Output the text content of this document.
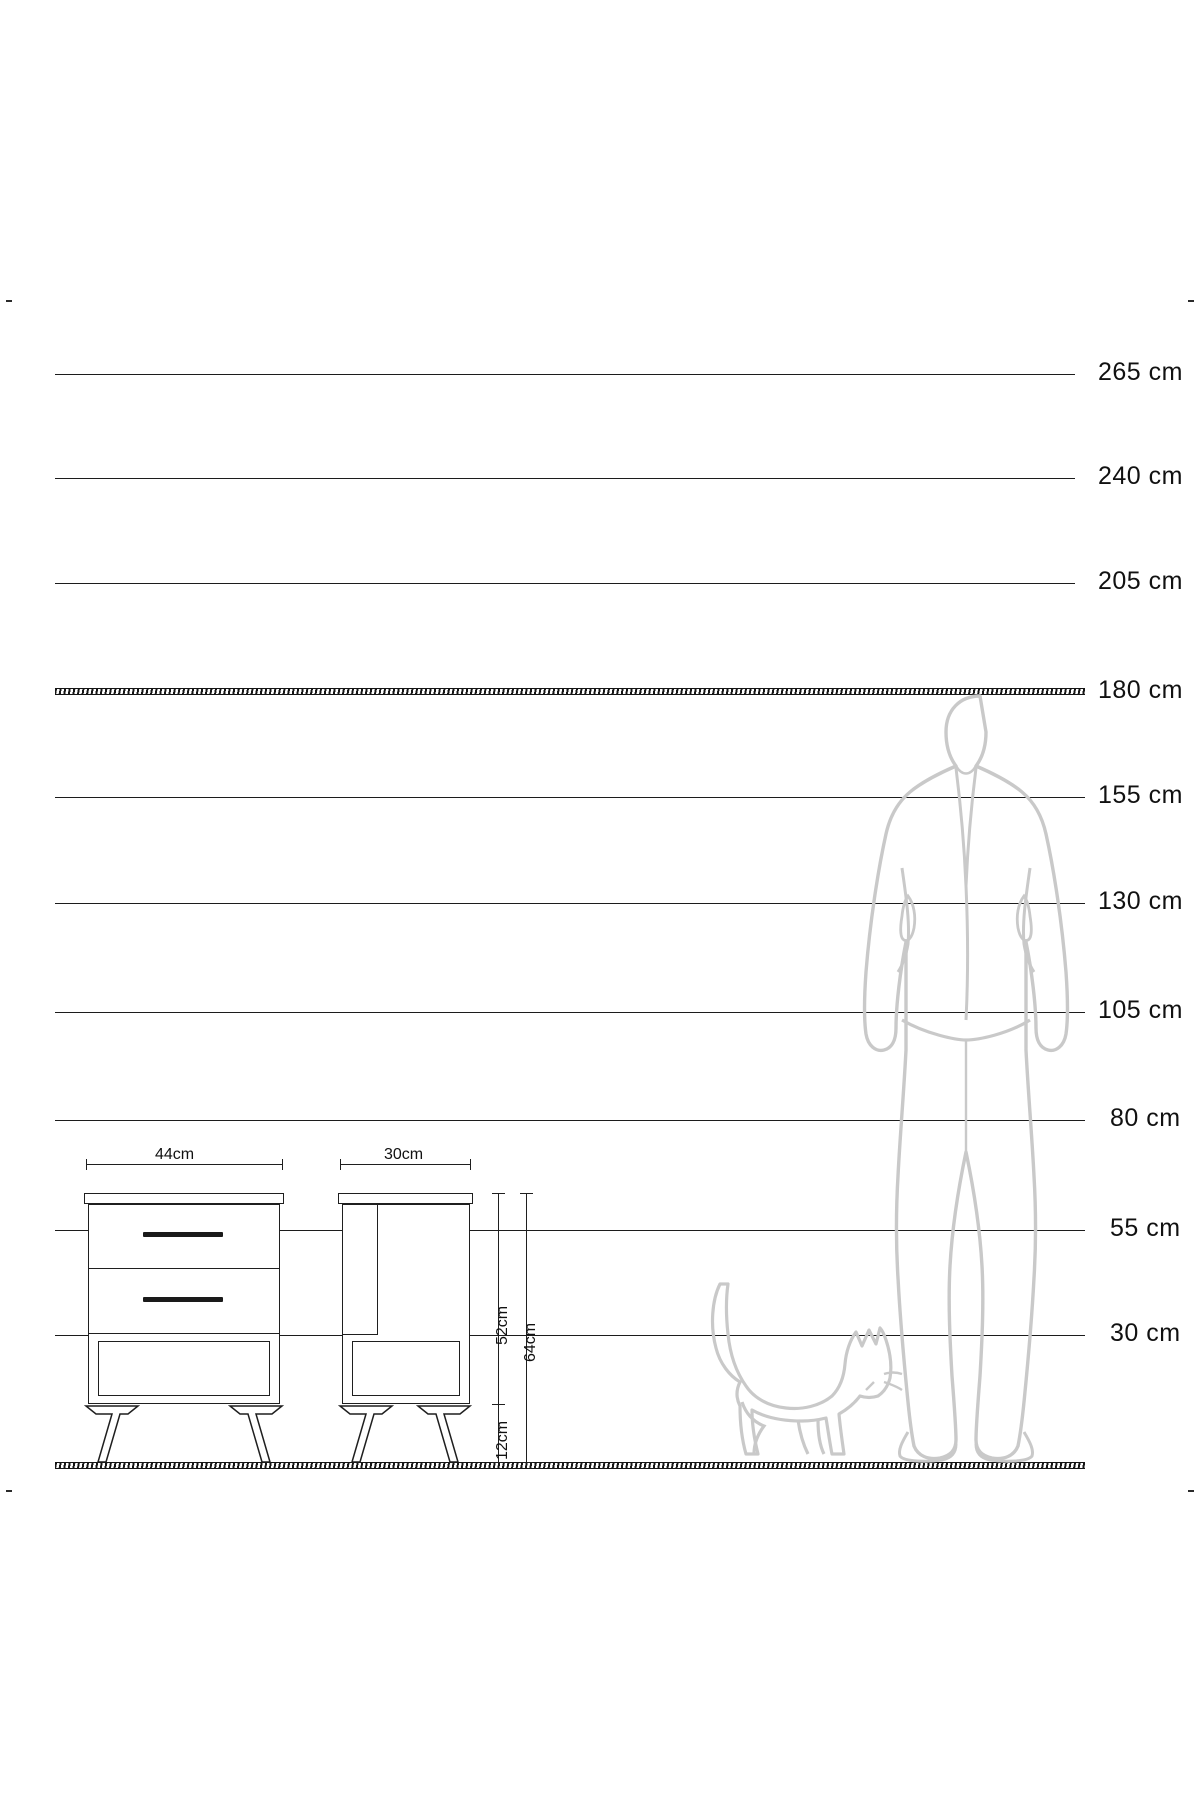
265 cm
240 cm
205 cm
180 cm
155 cm
130 cm
105 cm
80 cm
55 cm
30 cm
44cm	30cm
52cm
12cm
64cm
